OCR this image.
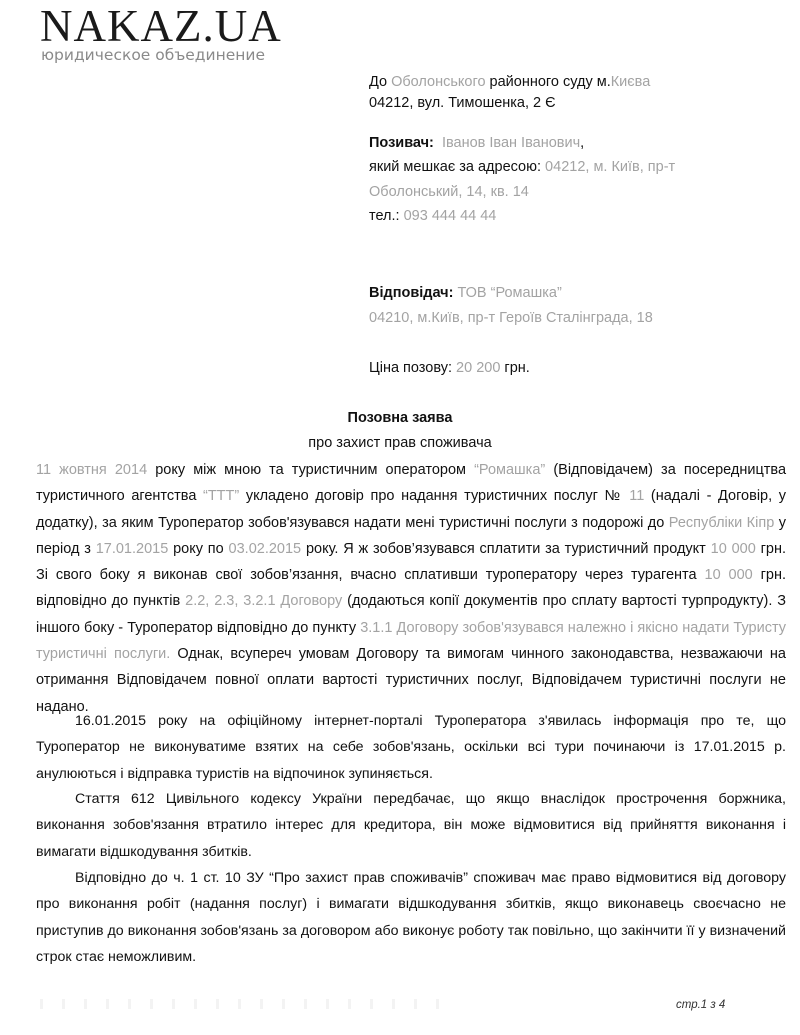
NAKAZ.UA
юридическое объединение
До Оболонського районного суду м.Києва
04212, вул. Тимошенка, 2 Є
Позивач: Іванов Іван Іванович,
який мешкає за адресою: 04212, м. Київ, пр-т
Оболонський, 14, кв. 14
тел.: 093 444 44 44
Відповідач: ТОВ “Ромашка”
04210, м.Київ, пр-т Героїв Сталінграда, 18
Ціна позову: 20 200 грн.
Позовна заява
про захист прав споживача
11 жовтня 2014 року між мною та туристичним оператором “Ромашка” (Відповідачем) за посередництва туристичного агентства “ТТТ” укладено договір про надання туристичних послуг № 11 (надалі - Договір, у додатку), за яким Туроператор зобов'язувався надати мені туристичні послуги з подорожі до Республіки Кіпр у період з 17.01.2015 року по 03.02.2015 року. Я ж зобов’язувався сплатити за туристичний продукт 10 000 грн. Зі свого боку я виконав свої зобов’язання, вчасно сплативши туроператору через турагента 10 000 грн. відповідно до пунктів 2.2, 2.3, 3.2.1 Договору (додаються копії документів про сплату вартості турпродукту). З іншого боку - Туроператор відповідно до пункту 3.1.1 Договору зобов'язувався належно і якісно надати Туристу туристичні послуги. Однак, всупереч умовам Договору та вимогам чинного законодавства, незважаючи на отримання Відповідачем повної оплати вартості туристичних послуг, Відповідачем туристичні послуги не надано.
16.01.2015 року на офіційному інтернет-порталі Туроператора з'явилась інформація про те, що Туроператор не виконуватиме взятих на себе зобов'язань, оскільки всі тури починаючи із 17.01.2015 р. анулюються і відправка туристів на відпочинок зупиняється.
Стаття 612 Цивільного кодексу України передбачає, що якщо внаслідок прострочення боржника, виконання зобов'язання втратило інтерес для кредитора, він може відмовитися від прийняття виконання і вимагати відшкодування збитків.
Відповідно до ч. 1 ст. 10 ЗУ “Про захист прав споживачів” споживач має право відмовитися від договору про виконання робіт (надання послуг) і вимагати відшкодування збитків, якщо виконавець своєчасно не приступив до виконання зобов'язань за договором або виконує роботу так повільно, що закінчити її у визначений строк стає неможливим.
стр.1 з 4
